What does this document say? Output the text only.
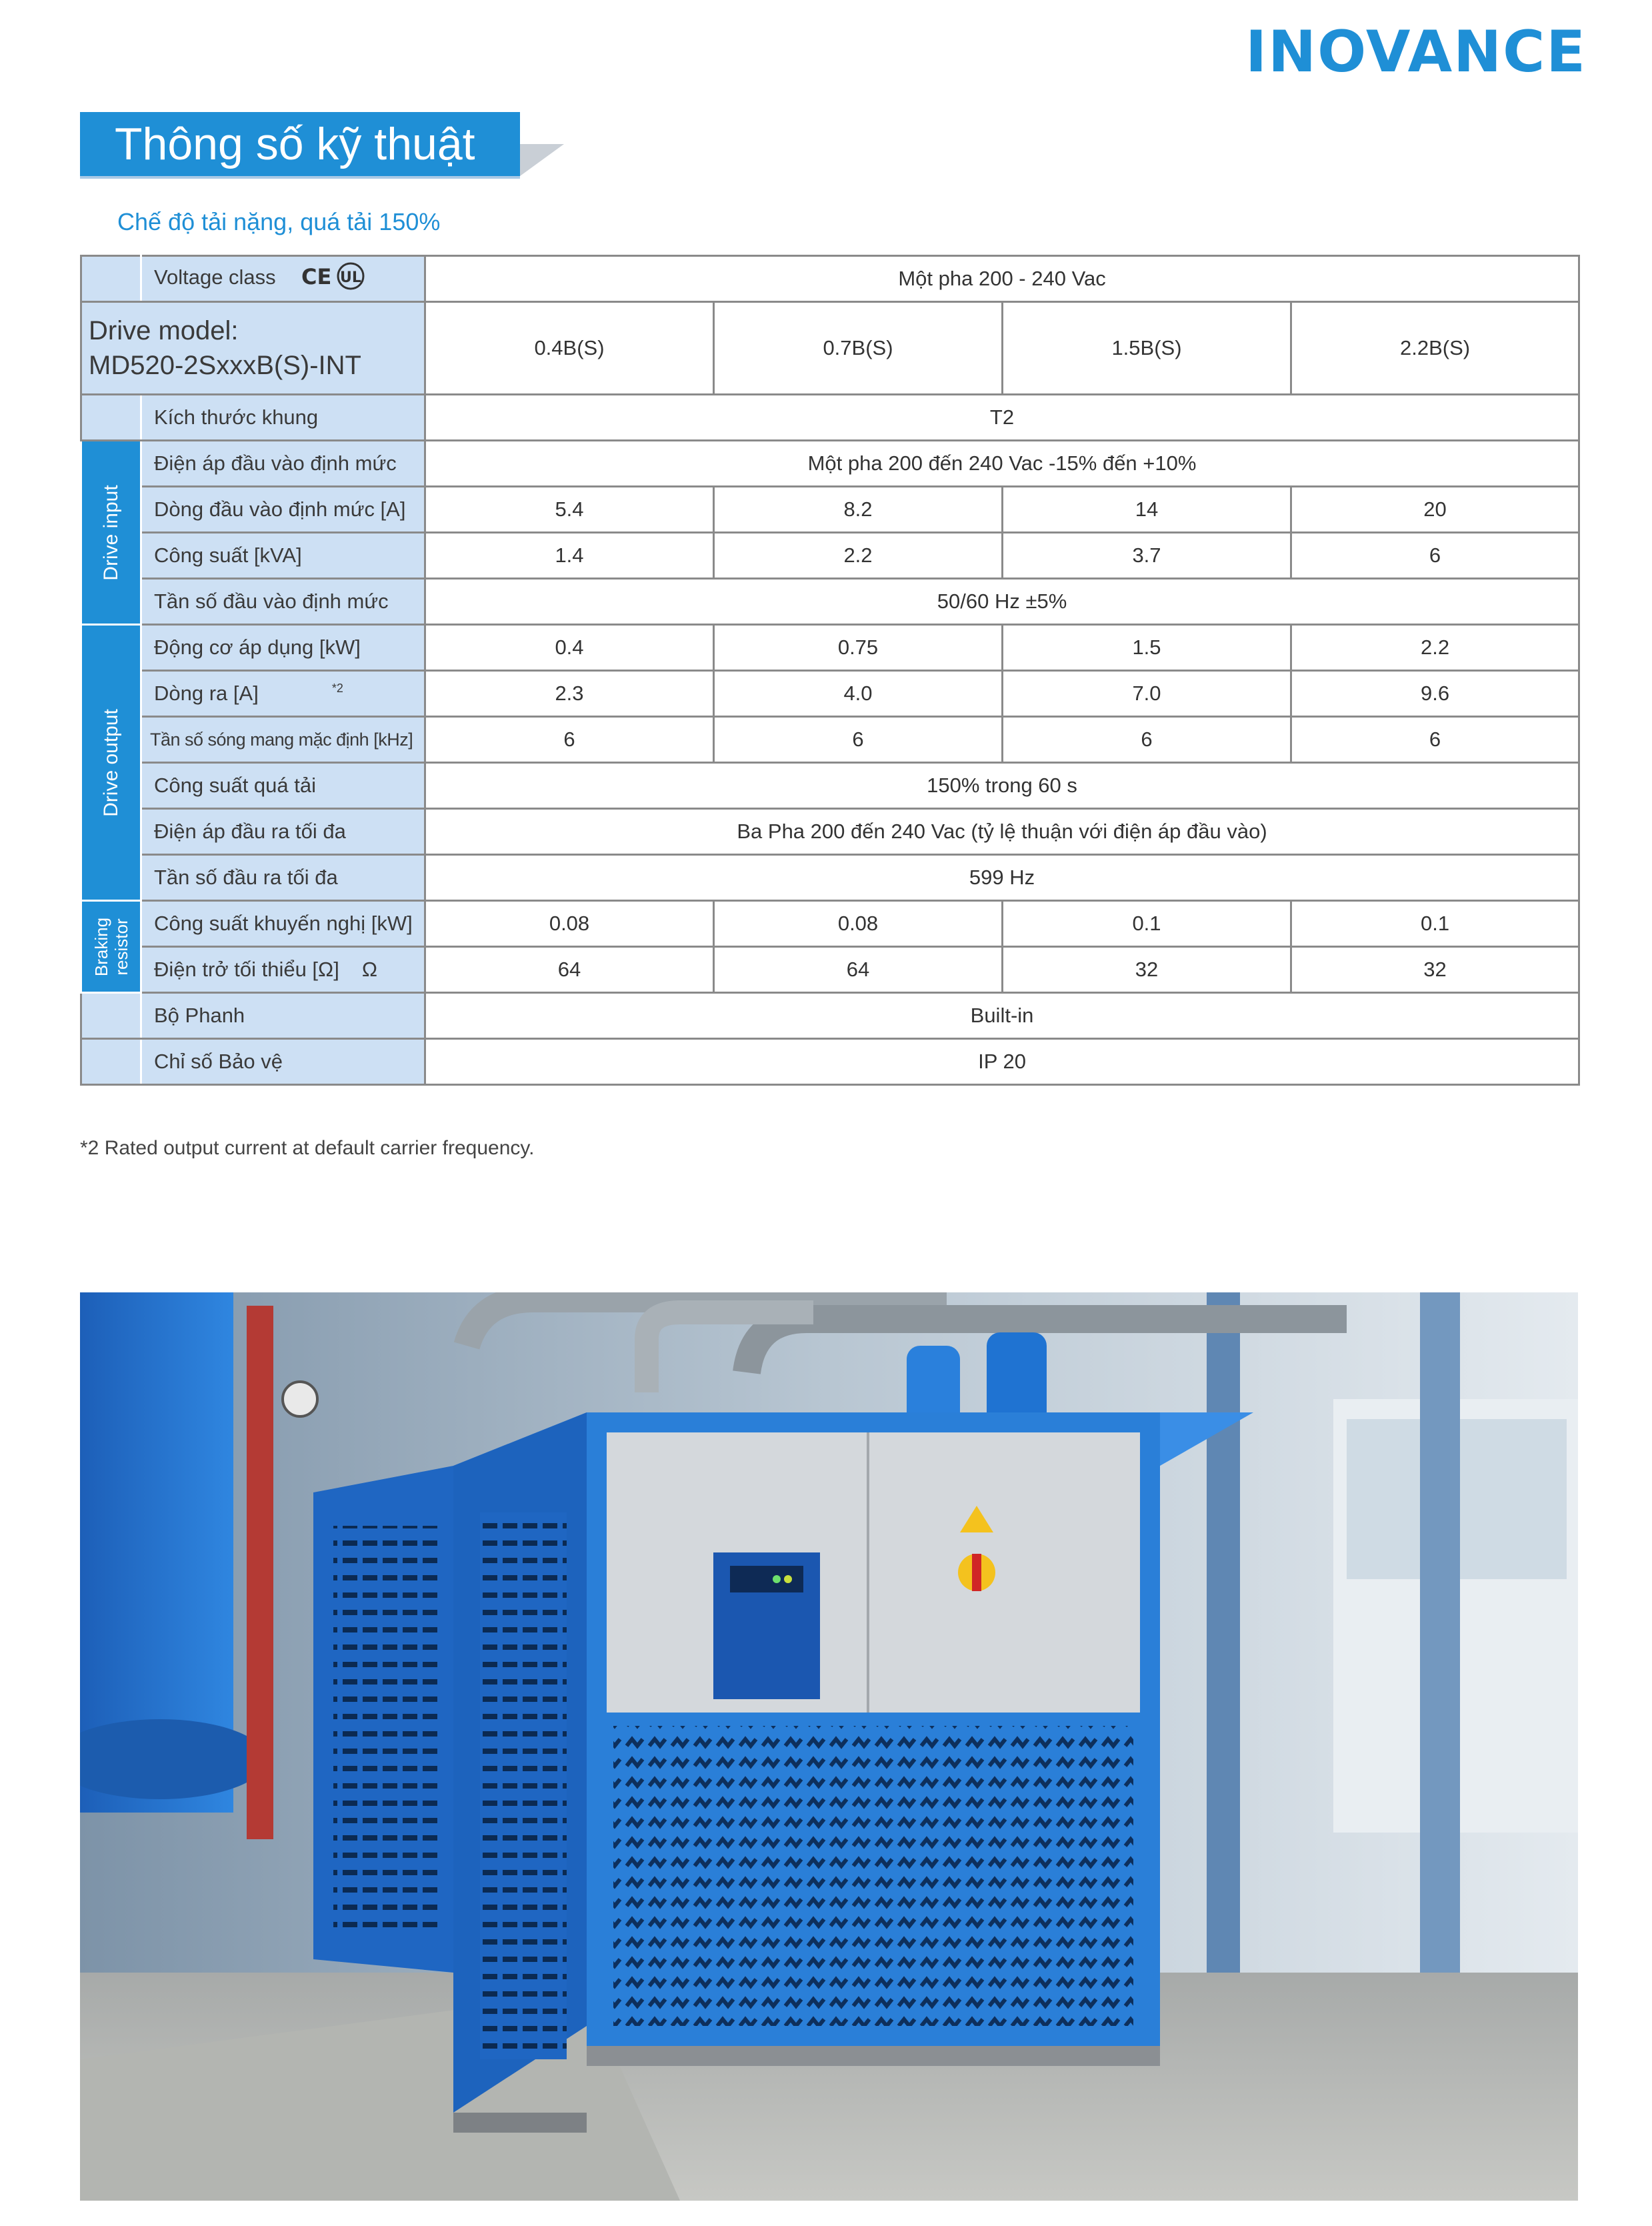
INOVANCE
Thông số kỹ thuật
Chế độ tải nặng, quá tải 150%
	Voltage class CE UL	Một pha 200 - 240 Vac			

Drive model:
MD520-2SxxxB(S)-INT		0.4B(S)	0.7B(S)	1.5B(S)	2.2B(S)
	Kích thước khung	T2			

Drive input	Điện áp đầu vào định mức	Một pha 200 đến 240 Vac -15% đến +10%			
	Dòng đầu vào định mức [A]	5.4	8.2	14	20
	Công suất [kVA]	1.4	2.2	3.7	6
	Tần số đầu vào định mức	50/60 Hz ±5%			

Drive output	Động cơ áp dụng [kW]	0.4	0.75	1.5	2.2
	Dòng ra [A] $^{*2}$	2.3	4.0	7.0	9.6
	Tần số sóng mang mặc định [kHz]	6	6	6	6
	Công suất quá tải	150% trong 60 s			
	Điện áp đầu ra tối đa	Ba Pha 200 đến 240 Vac (tỷ lệ thuận với điện áp đầu vào)			
	Tần số đầu ra tối đa	599 Hz			

Braking
resistor	Công suất khuyến nghị [kW]	0.08	0.08	0.1	0.1
	Điện trở tối thiểu [Ω] Ω	64	64	32	32
	Bộ Phanh	Built-in			
	Chỉ số Bảo vệ	IP 20			
*2 Rated output current at default carrier frequency.
